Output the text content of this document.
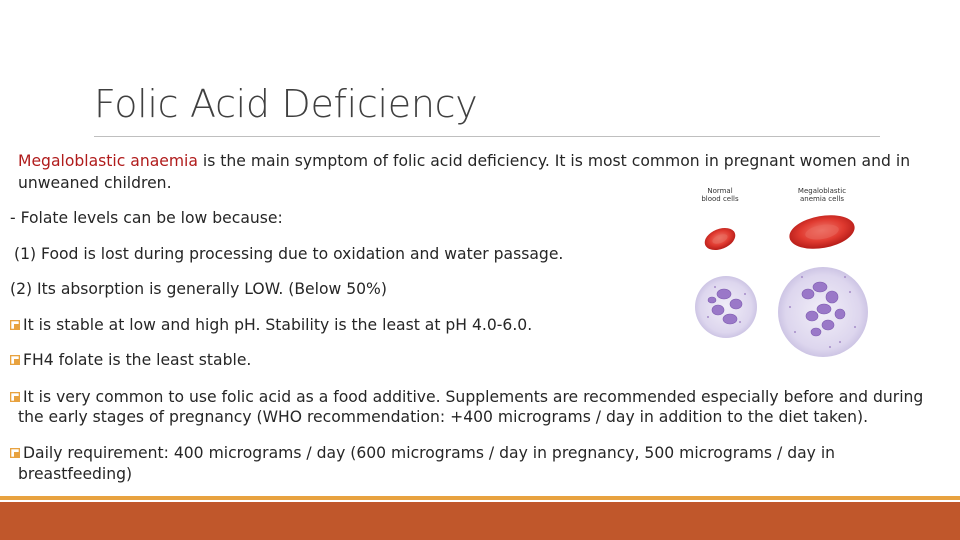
Folic Acid Deficiency
Megaloblastic anaemia is the main symptom of folic acid deficiency. It is most common in pregnant women and in
unweaned children.
- Folate levels can be low because:
(1) Food is lost during processing due to oxidation and water passage.
(2) Its absorption is generally LOW. (Below 50%)
It is stable at low and high pH. Stability is the least at pH 4.0-6.0.
FH4 folate is the least stable.
It is very common to use folic acid as a food additive. Supplements are recommended especially before and during
the early stages of pregnancy (WHO recommendation: +400 micrograms / day in addition to the diet taken).
Daily requirement: 400 micrograms / day (600 micrograms / day in pregnancy, 500 micrograms / day in
breastfeeding)
Normal
blood cells
Megaloblastic
anemia cells
